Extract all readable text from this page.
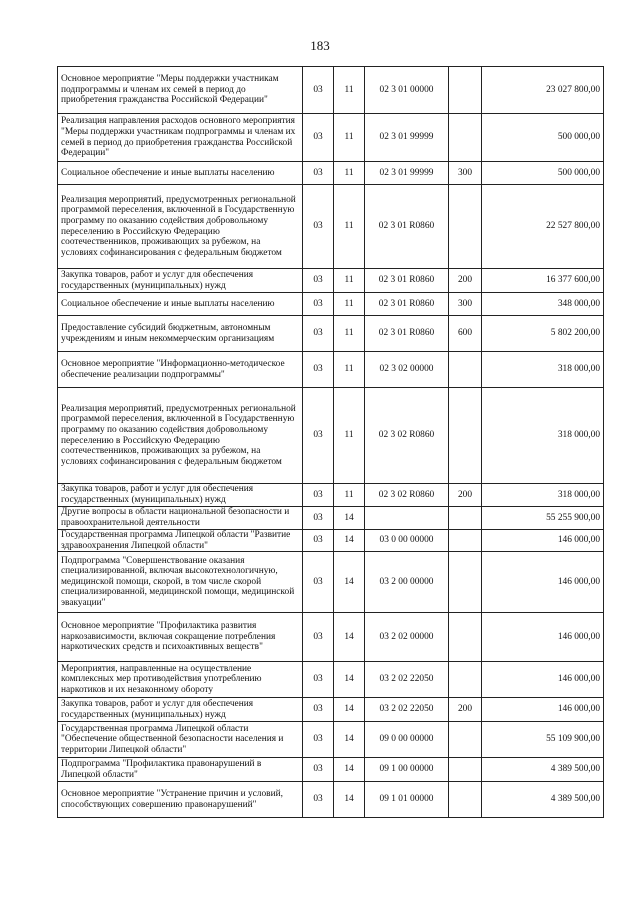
183
Основное мероприятие "Меры поддержки участникам подпрограммы и членам их семей в период до приобретения гражданства Российской Федерации"	03	11	02 3 01 00000		23 027 800,00
Реализация направления расходов основного мероприятия "Меры поддержки участникам подпрограммы и членам их семей в период до приобретения гражданства Российской Федерации"	03	11	02 3 01 99999		500 000,00
Социальное обеспечение и иные выплаты населению	03	11	02 3 01 99999	300	500 000,00
Реализация мероприятий, предусмотренных региональной программой переселения, включенной в Государственную программу по оказанию содействия добровольному переселению в Российскую Федерацию соотечественников, проживающих за рубежом, на условиях софинансирования с федеральным бюджетом	03	11	02 3 01 R0860		22 527 800,00
Закупка товаров, работ и услуг для обеспечения государственных (муниципальных) нужд	03	11	02 3 01 R0860	200	16 377 600,00
Социальное обеспечение и иные выплаты населению	03	11	02 3 01 R0860	300	348 000,00
Предоставление субсидий бюджетным, автономным учреждениям и иным некоммерческим организациям	03	11	02 3 01 R0860	600	5 802 200,00
Основное мероприятие "Информационно-методическое обеспечение реализации подпрограммы"	03	11	02 3 02 00000		318 000,00
Реализация мероприятий, предусмотренных региональной программой переселения, включенной в Государственную программу по оказанию содействия добровольному переселению в Российскую Федерацию соотечественников, проживающих за рубежом, на условиях софинансирования с федеральным бюджетом	03	11	02 3 02 R0860		318 000,00
Закупка товаров, работ и услуг для обеспечения государственных (муниципальных) нужд	03	11	02 3 02 R0860	200	318 000,00
Другие вопросы в области национальной безопасности и правоохранительной деятельности	03	14			55 255 900,00
Государственная программа Липецкой области "Развитие здравоохранения Липецкой области"	03	14	03 0 00 00000		146 000,00
Подпрограмма "Совершенствование оказания специализированной, включая высокотехнологичную, медицинской помощи, скорой, в том числе скорой специализированной, медицинской помощи, медицинской эвакуации"	03	14	03 2 00 00000		146 000,00
Основное мероприятие "Профилактика развития наркозависимости, включая сокращение потребления наркотических средств и психоактивных веществ"	03	14	03 2 02 00000		146 000,00
Мероприятия, направленные на осуществление комплексных мер противодействия употреблению наркотиков и их незаконному обороту	03	14	03 2 02 22050		146 000,00
Закупка товаров, работ и услуг для обеспечения государственных (муниципальных) нужд	03	14	03 2 02 22050	200	146 000,00
Государственная программа Липецкой области "Обеспечение общественной безопасности населения и территории Липецкой области"	03	14	09 0 00 00000		55 109 900,00
Подпрограмма "Профилактика правонарушений в Липецкой области"	03	14	09 1 00 00000		4 389 500,00
Основное мероприятие "Устранение причин и условий, способствующих совершению правонарушений"	03	14	09 1 01 00000		4 389 500,00
